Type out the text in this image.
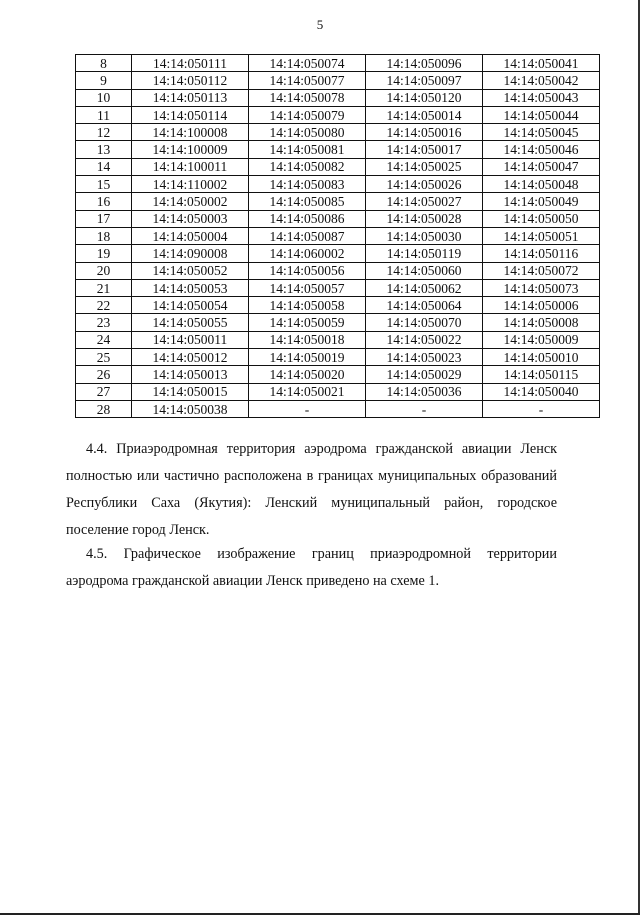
5
8	14:14:050111	14:14:050074	14:14:050096	14:14:050041
9	14:14:050112	14:14:050077	14:14:050097	14:14:050042
10	14:14:050113	14:14:050078	14:14:050120	14:14:050043
11	14:14:050114	14:14:050079	14:14:050014	14:14:050044
12	14:14:100008	14:14:050080	14:14:050016	14:14:050045
13	14:14:100009	14:14:050081	14:14:050017	14:14:050046
14	14:14:100011	14:14:050082	14:14:050025	14:14:050047
15	14:14:110002	14:14:050083	14:14:050026	14:14:050048
16	14:14:050002	14:14:050085	14:14:050027	14:14:050049
17	14:14:050003	14:14:050086	14:14:050028	14:14:050050
18	14:14:050004	14:14:050087	14:14:050030	14:14:050051
19	14:14:090008	14:14:060002	14:14:050119	14:14:050116
20	14:14:050052	14:14:050056	14:14:050060	14:14:050072
21	14:14:050053	14:14:050057	14:14:050062	14:14:050073
22	14:14:050054	14:14:050058	14:14:050064	14:14:050006
23	14:14:050055	14:14:050059	14:14:050070	14:14:050008
24	14:14:050011	14:14:050018	14:14:050022	14:14:050009
25	14:14:050012	14:14:050019	14:14:050023	14:14:050010
26	14:14:050013	14:14:050020	14:14:050029	14:14:050115
27	14:14:050015	14:14:050021	14:14:050036	14:14:050040
28	14:14:050038	-	-	-
4.4. Приаэродромная территория аэродрома гражданской авиации Ленск полностью или частично расположена в границах муниципальных образований Республики Саха (Якутия): Ленский муниципальный район, городское поселение город Ленск.
4.5. Графическое изображение границ приаэродромной территории аэродрома гражданской авиации Ленск приведено на схеме 1.
